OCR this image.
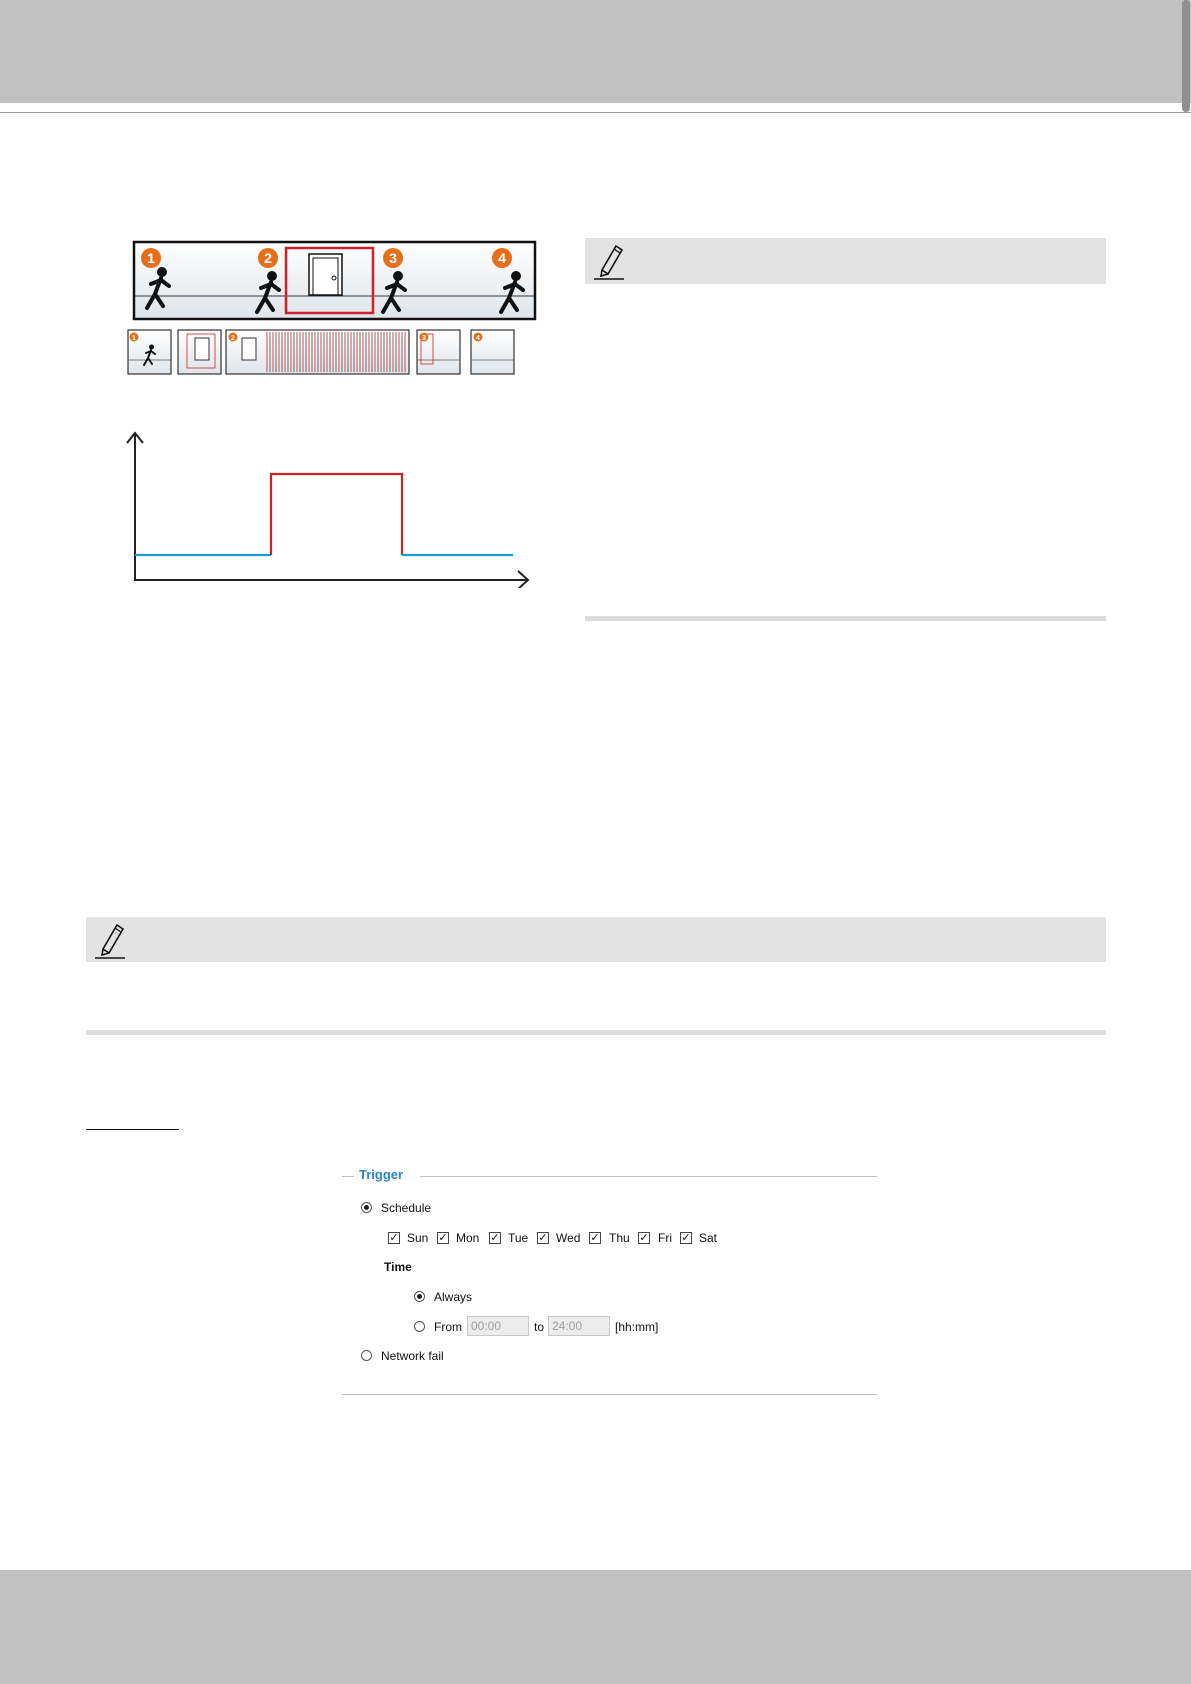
1	2	3	4
1	2	3	4
Trigger
Schedule
✓ Sun ✓ Mon ✓ Tue ✓ Wed ✓ Thu ✓ Fri ✓ Sat
Time
Always
From
00:00	to
24:00	[hh:mm]
Network fail
